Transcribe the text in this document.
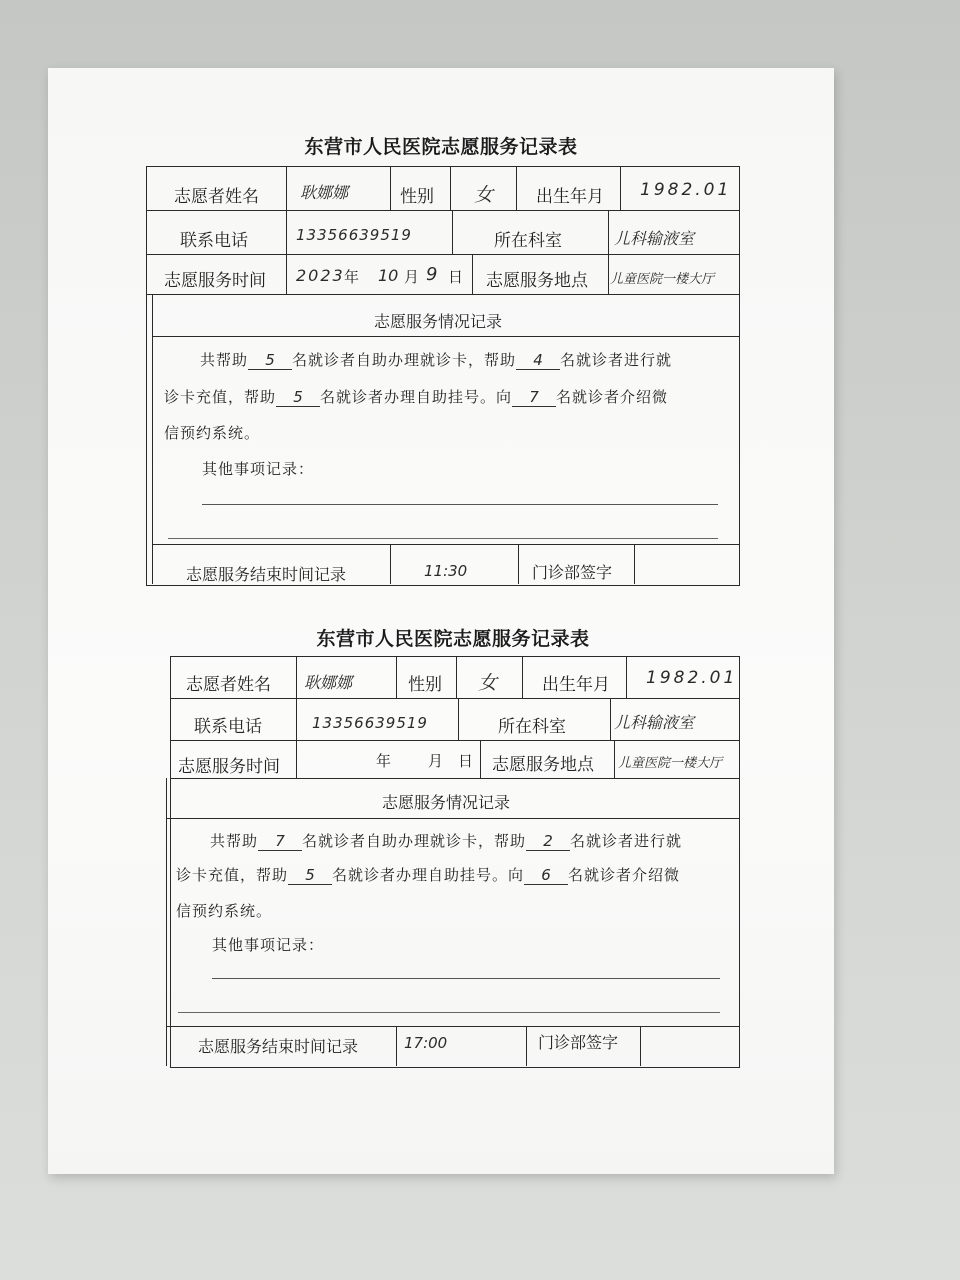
东营市人民医院志愿服务记录表
志愿者姓名	耿娜娜	性别 女	出生年月 1982.01
联系电话	13356639519	所在科室	儿科输液室
志愿服务时间 2023 年 10 月 9 日 志愿服务地点 儿童医院一楼大厅
志愿服务情况记录
共帮助 5 名就诊者自助办理就诊卡，帮助 4 名就诊者进行就
诊卡充值，帮助 5 名就诊者办理自助挂号。向 7 名就诊者介绍微
信预约系统。
其他事项记录：
志愿服务结束时间记录	11:30	门诊部签字
东营市人民医院志愿服务记录表
志愿者姓名 耿娜娜	性别 女	出生年月 1982.01
联系电话	13356639519	所在科室	儿科输液室
志愿服务时间	年 月 日 志愿服务地点 儿童医院一楼大厅
志愿服务情况记录
共帮助 7 名就诊者自助办理就诊卡，帮助 2 名就诊者进行就
诊卡充值，帮助 5 名就诊者办理自助挂号。向 6 名就诊者介绍微
信预约系统。
其他事项记录：
志愿服务结束时间记录	17:00	门诊部签字
